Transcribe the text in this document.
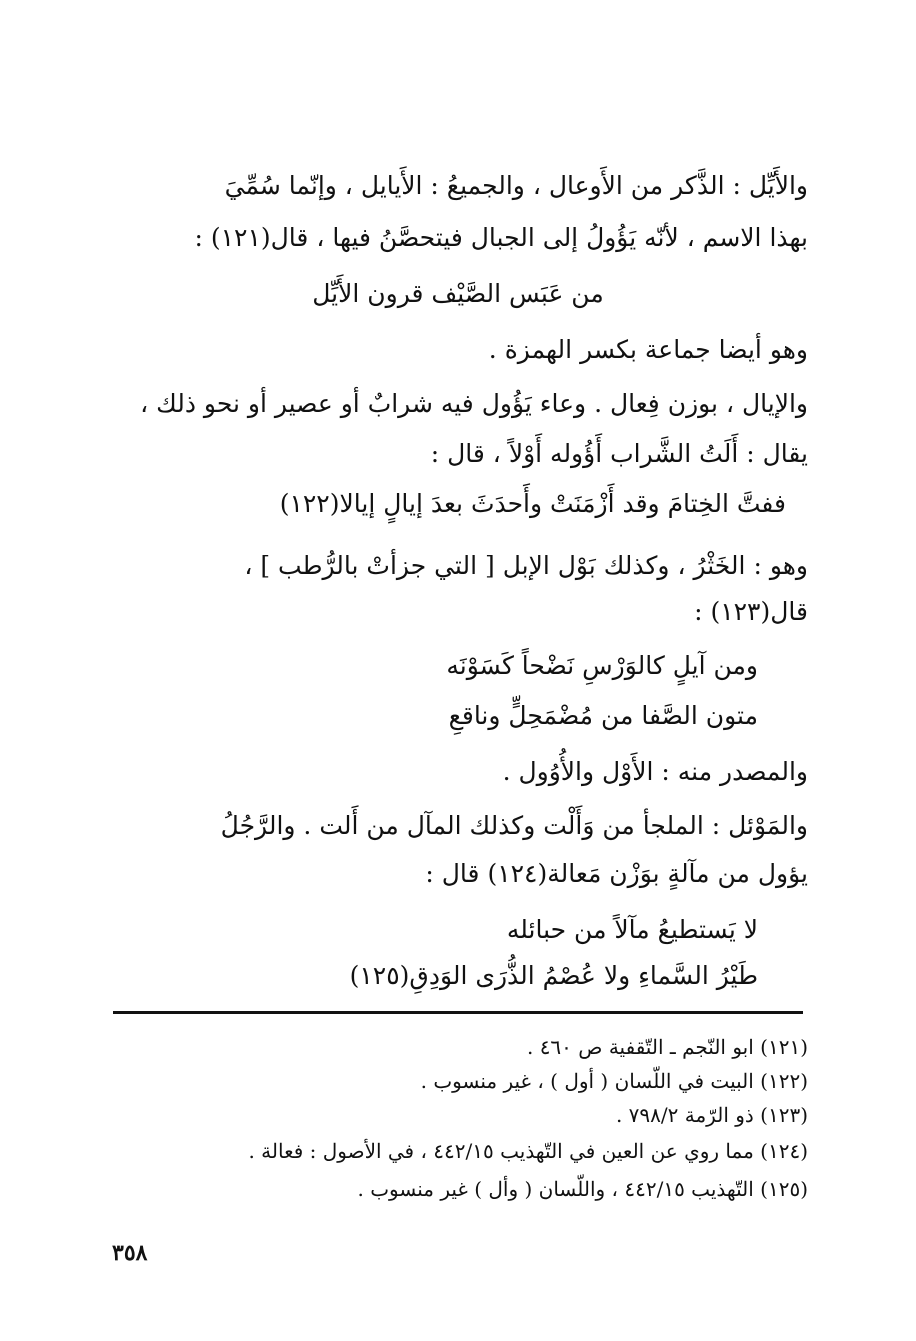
والأَيِّل : الذَّكر من الأَوعال ، والجميعُ : الأَيايل ، وإنّما سُمِّيَ
بهذا الاسم ، لأنّه يَؤُولُ إلى الجبال فيتحصَّنُ فيها ، قال(١٢١) :
من عَبَس الصَّيْف قرون الأَيِّل
وهو أيضا جماعة بكسر الهمزة .
والإيال ، بوزن فِعال . وعاء يَؤُول فيه شرابٌ أو عصير أو نحو ذلك ،
يقال : أَلَتُ الشَّراب أَؤُوله أَوْلاً ، قال :
ففتَّ الخِتامَ وقد أَزْمَنَتْ وأَحدَثَ بعدَ إيالٍ إيالا(١٢٢)
وهو : الخَثْرُ ، وكذلك بَوْل الإبل [ التي جزأتْ بالرُّطب ] ،
قال(١٢٣) :
ومن آيلٍ كالوَرْسِ نَضْحاً كَسَوْنَه
متون الصَّفا من مُضْمَحِلٍّ وناقعِ
والمصدر منه : الأَوْل والأُوُول .
والمَوْئل : الملجأ من وَأَلْت وكذلك المآل من أَلت . والرَّجُلُ
يؤول من مآلةٍ بوَزْن مَعالة(١٢٤) قال :
لا يَستطيعُ مآلاً من حبائله
طَيْرُ السَّماءِ ولا عُصْمُ الذُّرَى الوَدِقِ(١٢٥)
(١٢١) ابو النّجم ـ التّقفية ص ٤٦٠ .
(١٢٢) البيت في اللّسان ( أول ) ، غير منسوب .
(١٢٣) ذو الرّمة ٧٩٨/٢ .
(١٢٤) مما روي عن العين في التّهذيب ٤٤٢/١٥ ، في الأصول : فعالة .
(١٢٥) التّهذيب ٤٤٢/١٥ ، واللّسان ( وأل ) غير منسوب .
٣٥٨
